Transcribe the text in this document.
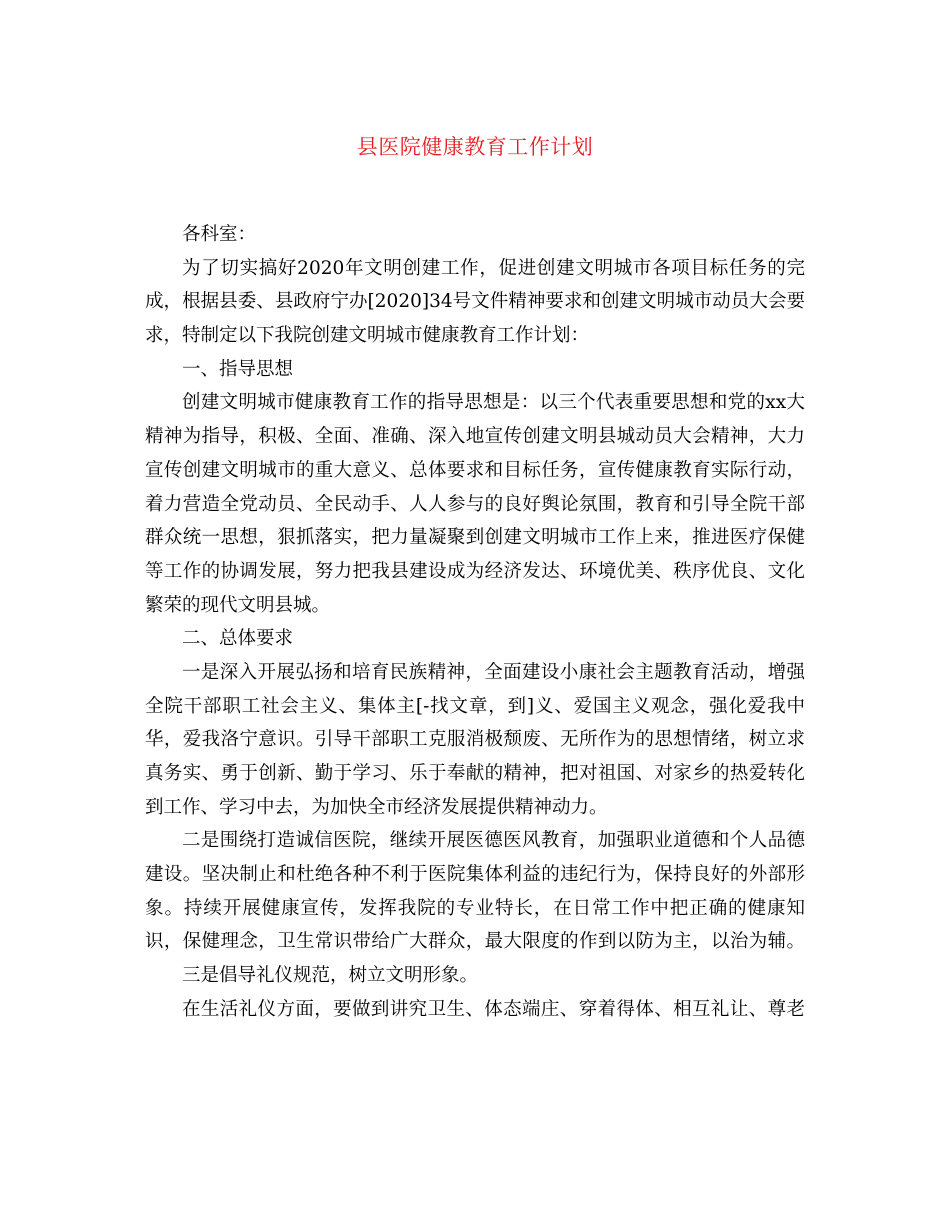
县医院健康教育工作计划
各科室：
为了切实搞好2020年文明创建工作，促进创建文明城市各项目标任务的完
成，根据县委、县政府宁办[2020]34号文件精神要求和创建文明城市动员大会要
求，特制定以下我院创建文明城市健康教育工作计划：
一、指导思想
创建文明城市健康教育工作的指导思想是：以三个代表重要思想和党的xx大
精神为指导，积极、全面、准确、深入地宣传创建文明县城动员大会精神，大力
宣传创建文明城市的重大意义、总体要求和目标任务，宣传健康教育实际行动，
着力营造全党动员、全民动手、人人参与的良好舆论氛围，教育和引导全院干部
群众统一思想，狠抓落实，把力量凝聚到创建文明城市工作上来，推进医疗保健
等工作的协调发展，努力把我县建设成为经济发达、环境优美、秩序优良、文化
繁荣的现代文明县城。
二、总体要求
一是深入开展弘扬和培育民族精神，全面建设小康社会主题教育活动，增强
全院干部职工社会主义、集体主[-找文章，到]义、爱国主义观念，强化爱我中
华，爱我洛宁意识。引导干部职工克服消极颓废、无所作为的思想情绪，树立求
真务实、勇于创新、勤于学习、乐于奉献的精神，把对祖国、对家乡的热爱转化
到工作、学习中去，为加快全市经济发展提供精神动力。
二是围绕打造诚信医院，继续开展医德医风教育，加强职业道德和个人品德
建设。坚决制止和杜绝各种不利于医院集体利益的违纪行为，保持良好的外部形
象。持续开展健康宣传，发挥我院的专业特长，在日常工作中把正确的健康知
识，保健理念，卫生常识带给广大群众，最大限度的作到以防为主，以治为辅。
三是倡导礼仪规范，树立文明形象。
在生活礼仪方面，要做到讲究卫生、体态端庄、穿着得体、相互礼让、尊老
